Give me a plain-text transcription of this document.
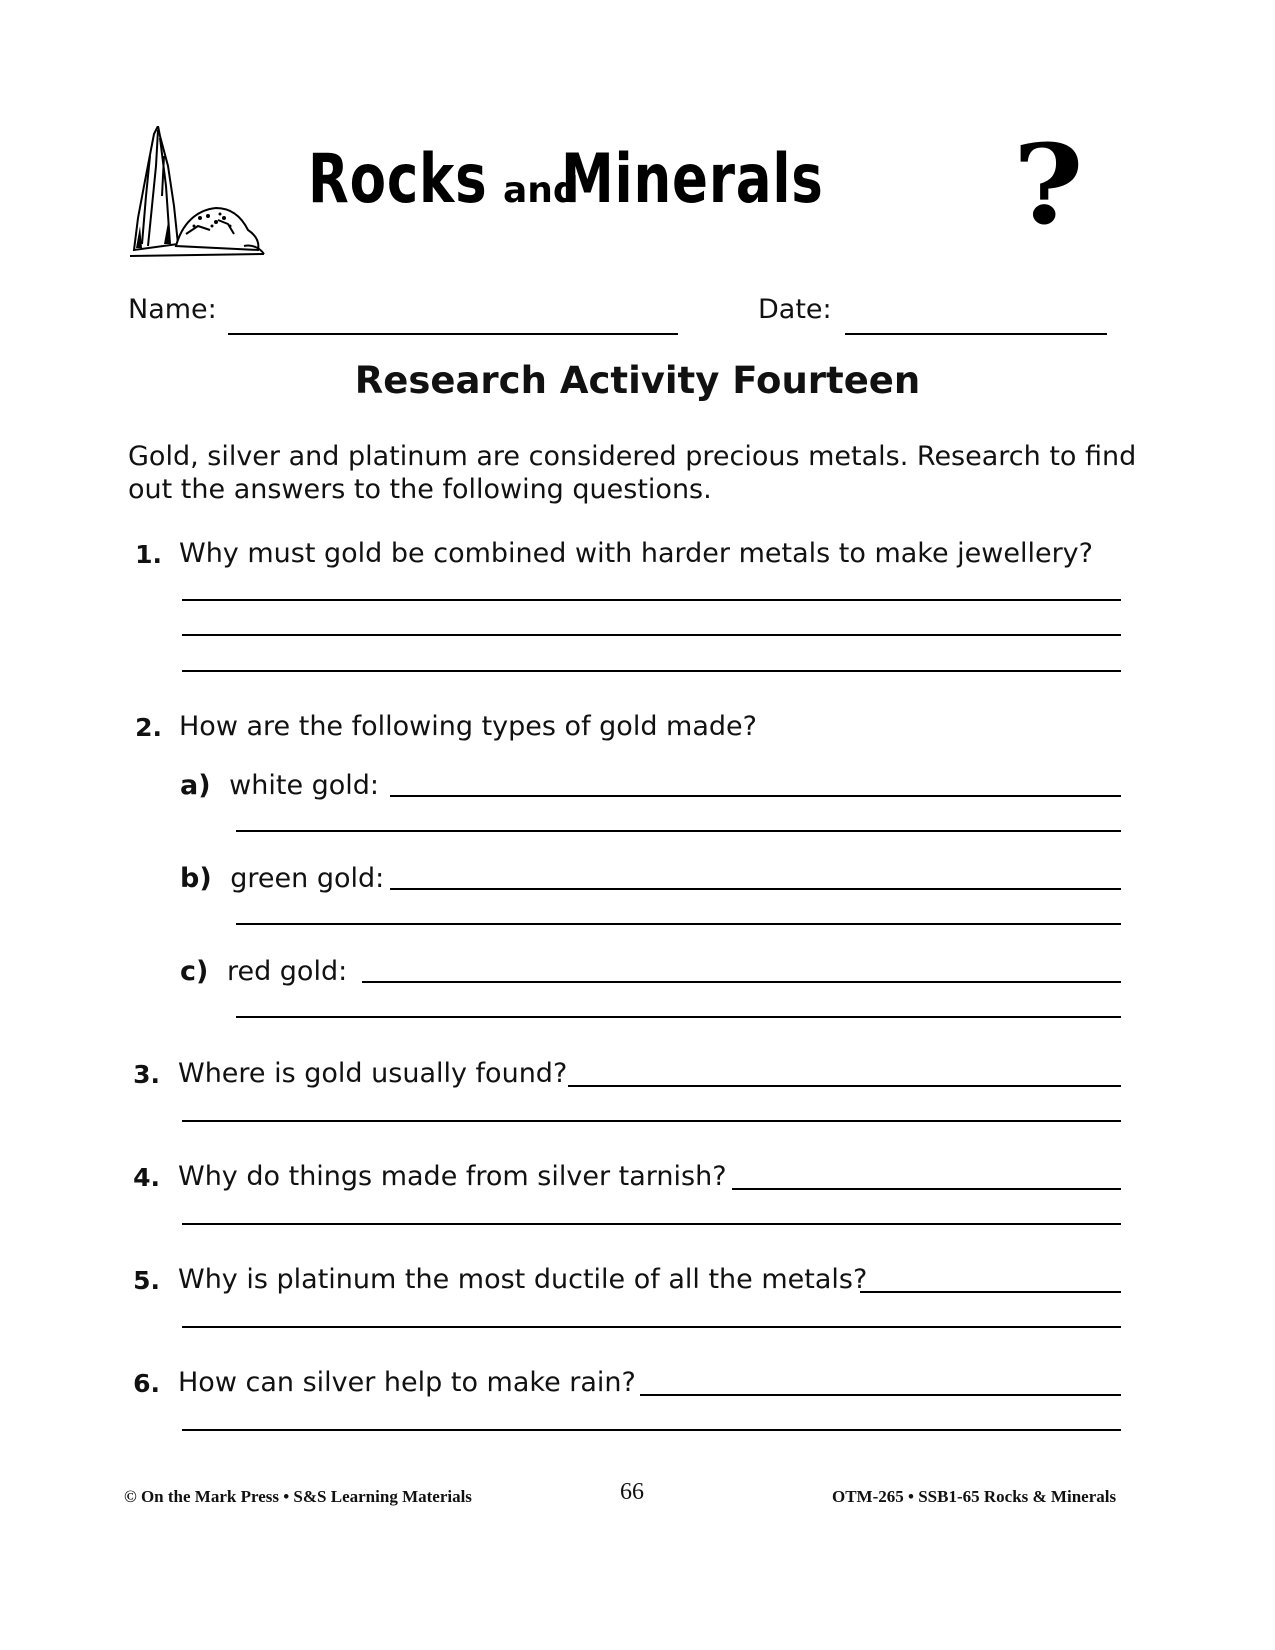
Rocks and
Minerals	?
Name:	Date:
Research Activity Fourteen
Gold, silver and platinum are considered precious metals. Research to find out the answers to the following questions.
1. Why must gold be combined with harder metals to make jewellery?
2. How are the following types of gold made?
a) white gold:
b) green gold:
c) red gold:
3. Where is gold usually found?
4. Why do things made from silver tarnish?
5. Why is platinum the most ductile of all the metals?
6. How can silver help to make rain?
© On the Mark Press • S&S Learning Materials	66	OTM-265 • SSB1-65 Rocks & Minerals
